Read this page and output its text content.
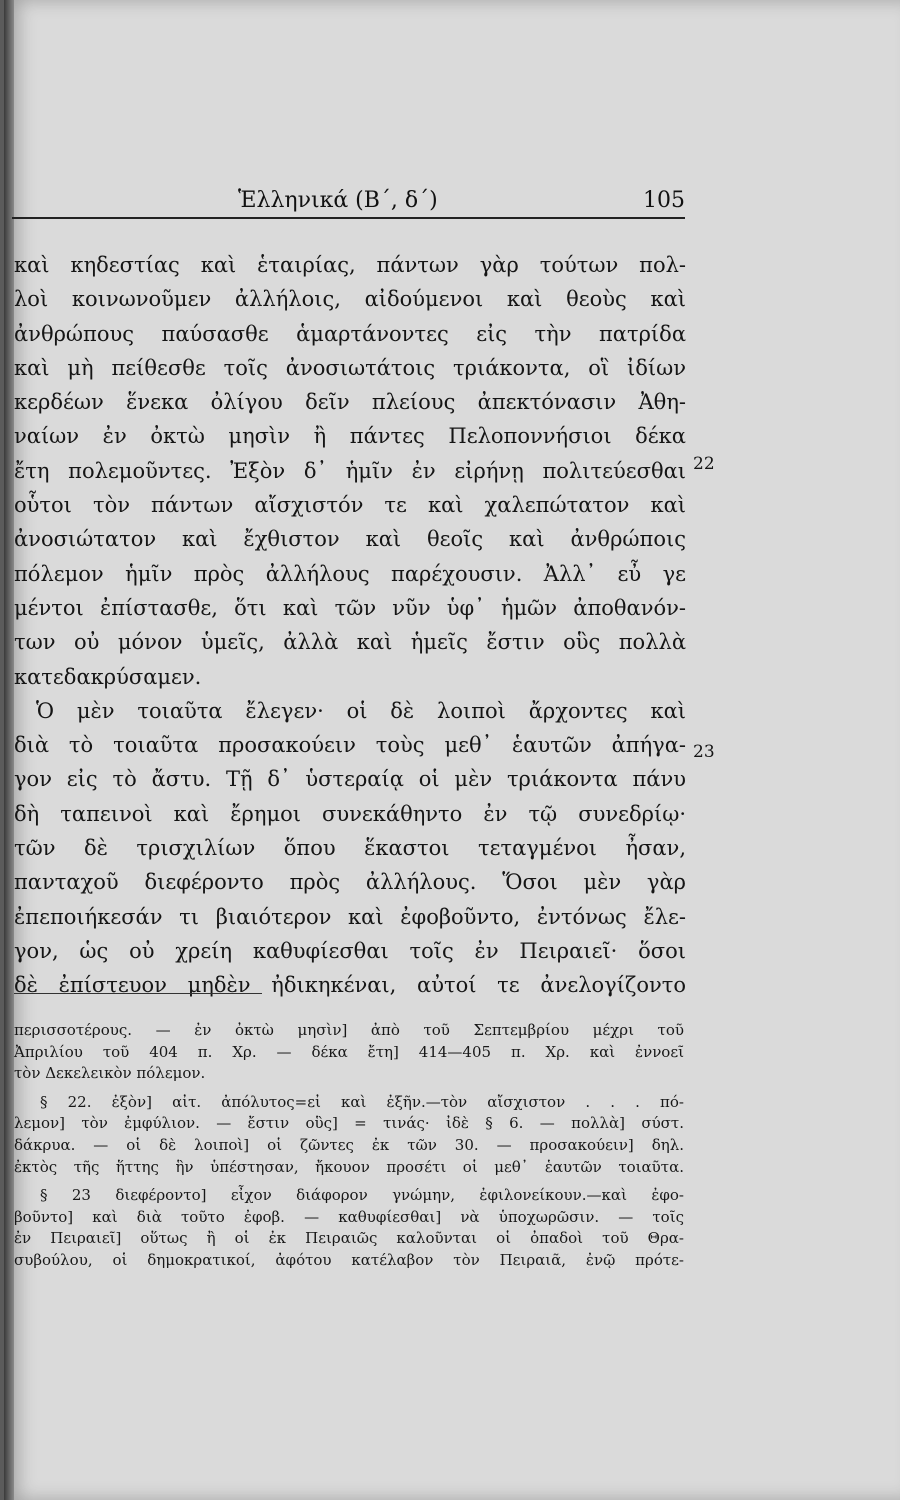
Ἑλληνικά (Β΄, δ΄)	105
καὶ κηδεστίας καὶ ἑταιρίας, πάντων γὰρ τούτων πολ-
λοὶ κοινωνοῦμεν ἀλλήλοις, αἰδούμενοι καὶ θεοὺς καὶ
ἀνθρώπους παύσασθε ἁμαρτάνοντες εἰς τὴν πατρίδα
καὶ μὴ πείθεσθε τοῖς ἀνοσιωτάτοις τριάκοντα, οἳ ἰδίων
κερδέων ἕνεκα ὀλίγου δεῖν πλείους ἀπεκτόνασιν Ἀθη-
ναίων ἐν ὀκτὼ μησὶν ἢ πάντες Πελοποννήσιοι δέκα
ἔτη πολεμοῦντες. Ἐξὸν δ᾽ ἡμῖν ἐν εἰρήνῃ πολιτεύεσθαι
οὗτοι τὸν πάντων αἴσχιστόν τε καὶ χαλεπώτατον καὶ
ἀνοσιώτατον καὶ ἔχθιστον καὶ θεοῖς καὶ ἀνθρώποις
πόλεμον ἡμῖν πρὸς ἀλλήλους παρέχουσιν. Ἀλλ᾽ εὖ γε
μέντοι ἐπίστασθε, ὅτι καὶ τῶν νῦν ὑφ᾽ ἡμῶν ἀποθανόν-
των οὐ μόνον ὑμεῖς, ἀλλὰ καὶ ἡμεῖς ἔστιν οὓς πολλὰ
κατεδακρύσαμεν.
Ὁ μὲν τοιαῦτα ἔλεγεν· οἱ δὲ λοιποὶ ἄρχοντες καὶ
διὰ τὸ τοιαῦτα προσακούειν τοὺς μεθ᾽ ἑαυτῶν ἀπήγα-
γον εἰς τὸ ἄστυ. Τῇ δ᾽ ὑστεραίᾳ οἱ μὲν τριάκοντα πάνυ
δὴ ταπεινοὶ καὶ ἔρημοι συνεκάθηντο ἐν τῷ συνεδρίῳ·
τῶν δὲ τρισχιλίων ὅπου ἕκαστοι τεταγμένοι ἦσαν,
πανταχοῦ διεφέροντο πρὸς ἀλλήλους. Ὅσοι μὲν γὰρ
ἐπεποιήκεσάν τι βιαιότερον καὶ ἐφοβοῦντο, ἐντόνως ἔλε-
γον, ὡς οὐ χρείη καθυφίεσθαι τοῖς ἐν Πειραιεῖ· ὅσοι
δὲ ἐπίστευον μηδὲν ἠδικηκέναι, αὐτοί τε ἀνελογίζοντο
22
23
περισσοτέρους. — ἐν ὀκτὼ μησὶν] ἀπὸ τοῦ Σεπτεμβρίου μέχρι τοῦ
Ἀπριλίου τοῦ 404 π. Χρ. — δέκα ἔτη] 414—405 π. Χρ. καὶ ἐννοεῖ
τὸν Δεκελεικὸν πόλεμον.
§ 22. ἐξὸν] αἰτ. ἀπόλυτος=εἰ καὶ ἐξῆν.—τὸν αἴσχιστον . . . πό-
λεμον] τὸν ἐμφύλιον. — ἔστιν οὓς] = τινάς· ἰδὲ § 6. — πολλὰ] σύστ.
δάκρυα. — οἱ δὲ λοιποὶ] οἱ ζῶντες ἐκ τῶν 30. — προσακούειν] δηλ.
ἐκτὸς τῆς ἥττης ἣν ὑπέστησαν, ἤκουον προσέτι οἱ μεθ᾽ ἑαυτῶν τοιαῦτα.
§ 23 διεφέροντο] εἶχον διάφορον γνώμην, ἐφιλονείκουν.—καὶ ἐφο-
βοῦντο] καὶ διὰ τοῦτο ἐφοβ. — καθυφίεσθαι] νὰ ὑποχωρῶσιν. — τοῖς
ἐν Πειραιεῖ] οὕτως ἢ οἱ ἐκ Πειραιῶς καλοῦνται οἱ ὀπαδοὶ τοῦ Θρα-
συβούλου, οἱ δημοκρατικοί, ἀφότου κατέλαβον τὸν Πειραιᾶ, ἐνῷ πρότε-
